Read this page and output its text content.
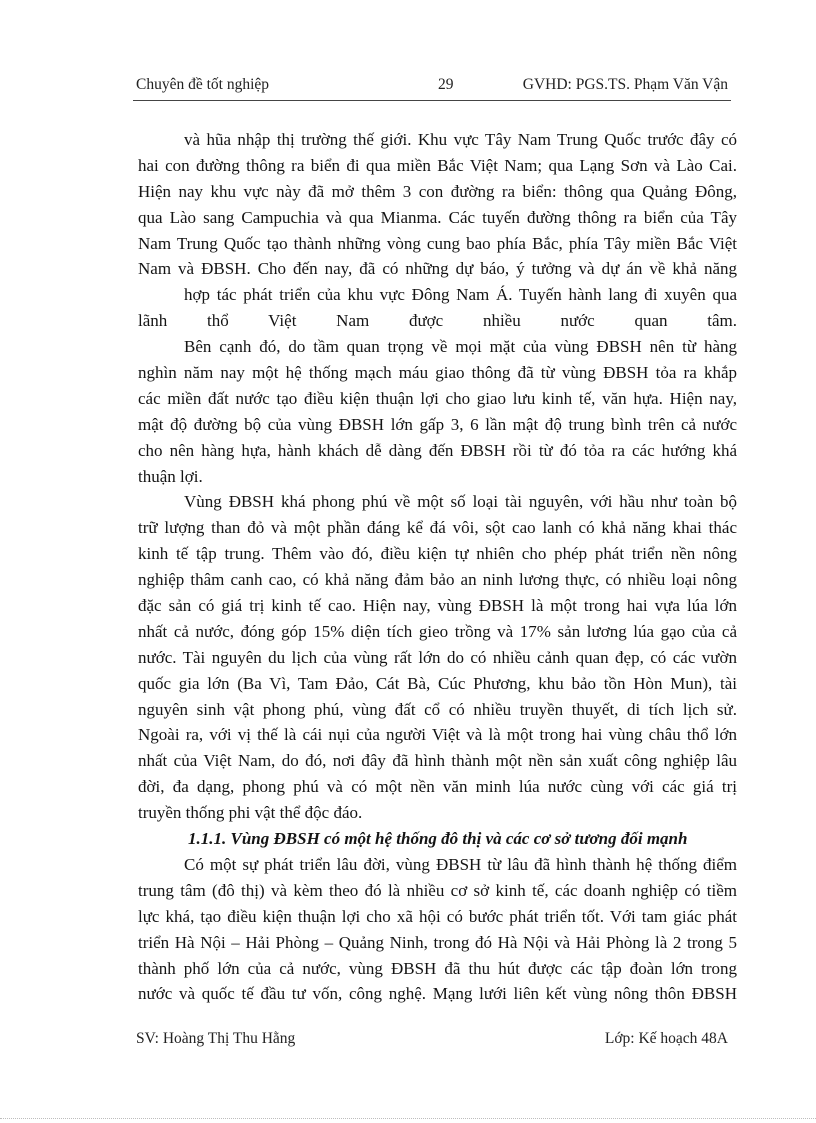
Chuyên đề tốt nghiệp	29	GVHD: PGS.TS. Phạm Văn Vận
và hũa nhập thị trường thế giới. Khu vực Tây Nam Trung Quốc trước đây có
hai con đường thông ra biển đi qua miền Bắc Việt Nam; qua Lạng Sơn và Lào Cai.
Hiện nay khu vực này đã mở thêm 3 con đường ra biển: thông qua Quảng Đông,
qua Lào sang Campuchia và qua Mianma. Các tuyến đường thông ra biển của Tây
Nam Trung Quốc tạo thành những vòng cung bao phía Bắc, phía Tây miền Bắc Việt
Nam và ĐBSH. Cho đến nay, đã có những dự báo, ý tưởng và dự án về khả năng
hợp tác phát triển của khu vực Đông Nam Á. Tuyến hành lang đi xuyên qua
lãnh thổ Việt Nam được nhiều nước quan tâm.
Bên cạnh đó, do tầm quan trọng về mọi mặt của vùng ĐBSH nên từ hàng
nghìn năm nay một hệ thống mạch máu giao thông đã từ vùng ĐBSH tỏa ra khắp
các miền đất nước tạo điều kiện thuận lợi cho giao lưu kinh tế, văn hựa. Hiện nay,
mật độ đường bộ của vùng ĐBSH lớn gấp 3, 6 lần mật độ trung bình trên cả nước
cho nên hàng hựa, hành khách dễ dàng đến ĐBSH rồi từ đó tỏa ra các hướng khá
thuận lợi.
Vùng ĐBSH khá phong phú về một số loại tài nguyên, với hầu như toàn bộ
trữ lượng than đỏ và một phần đáng kể đá vôi, sột cao lanh có khả năng khai thác
kinh tế tập trung. Thêm vào đó, điều kiện tự nhiên cho phép phát triển nền nông
nghiệp thâm canh cao, có khả năng đảm bảo an ninh lương thực, có nhiều loại nông
đặc sản có giá trị kinh tế cao. Hiện nay, vùng ĐBSH là một trong hai vựa lúa lớn
nhất cả nước, đóng góp 15% diện tích gieo trồng và 17% sản lương lúa gạo của cả
nước. Tài nguyên du lịch của vùng rất lớn do có nhiều cảnh quan đẹp, có các vườn
quốc gia lớn (Ba Vì, Tam Đảo, Cát Bà, Cúc Phương, khu bảo tồn Hòn Mun), tài
nguyên sinh vật phong phú, vùng đất cổ có nhiều truyền thuyết, di tích lịch sử.
Ngoài ra, với vị thế là cái nụi của người Việt và là một trong hai vùng châu thổ lớn
nhất của Việt Nam, do đó, nơi đây đã hình thành một nền sản xuất công nghiệp lâu
đời, đa dạng, phong phú và có một nền văn minh lúa nước cùng với các giá trị
truyền thống phi vật thể độc đáo.
1.1.1. Vùng ĐBSH có một hệ thống đô thị và các cơ sở tương đối mạnh
Có một sự phát triển lâu đời, vùng ĐBSH từ lâu đã hình thành hệ thống điểm
trung tâm (đô thị) và kèm theo đó là nhiều cơ sở kinh tế, các doanh nghiệp có tiềm
lực khá, tạo điều kiện thuận lợi cho xã hội có bước phát triển tốt. Với tam giác phát
triển Hà Nội – Hải Phòng – Quảng Ninh, trong đó Hà Nội và Hải Phòng là 2 trong 5
thành phố lớn của cả nước, vùng ĐBSH đã thu hút được các tập đoàn lớn trong
nước và quốc tế đầu tư vốn, công nghệ. Mạng lưới liên kết vùng nông thôn ĐBSH
SV: Hoàng Thị Thu Hằng	Lớp: Kế hoạch 48A
